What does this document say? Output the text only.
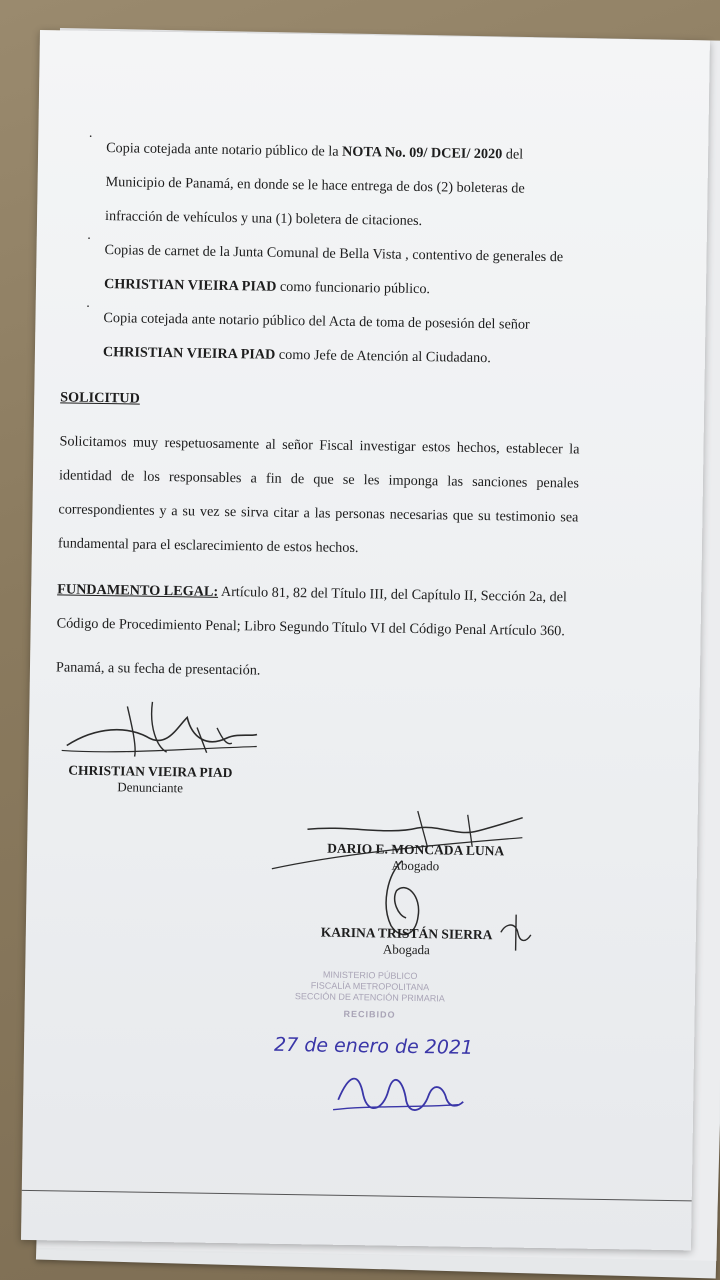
·
Copia cotejada ante notario público de la NOTA No. 09/ DCEI/ 2020 del
Municipio de Panamá, en donde se le hace entrega de dos (2) boleteras de
infracción de vehículos y una (1) boletera de citaciones.
·
Copias de carnet de la Junta Comunal de Bella Vista , contentivo de generales de
CHRISTIAN VIEIRA PIAD como funcionario público.
·
Copia cotejada ante notario público del Acta de toma de posesión del señor
CHRISTIAN VIEIRA PIAD como Jefe de Atención al Ciudadano.
SOLICITUD
Solicitamos muy respetuosamente al señor Fiscal investigar estos hechos, establecer la
identidad de los responsables a fin de que se les imponga las sanciones penales
correspondientes y a su vez se sirva citar a las personas necesarias que su testimonio sea
fundamental para el esclarecimiento de estos hechos.
FUNDAMENTO LEGAL: Artículo 81, 82 del Título III, del Capítulo II, Sección 2a, del
Código de Procedimiento Penal; Libro Segundo Título VI del Código Penal Artículo 360.
Panamá, a su fecha de presentación.
CHRISTIAN VIEIRA PIAD
Denunciante
DARIO E. MONCADA LUNA
Abogado
KARINA TRISTÁN SIERRA
Abogada
MINISTERIO PÚBLICO
FISCALÍA METROPOLITANA
SECCIÓN DE ATENCIÓN PRIMARIA
RECIBIDO
27 de enero de 2021
